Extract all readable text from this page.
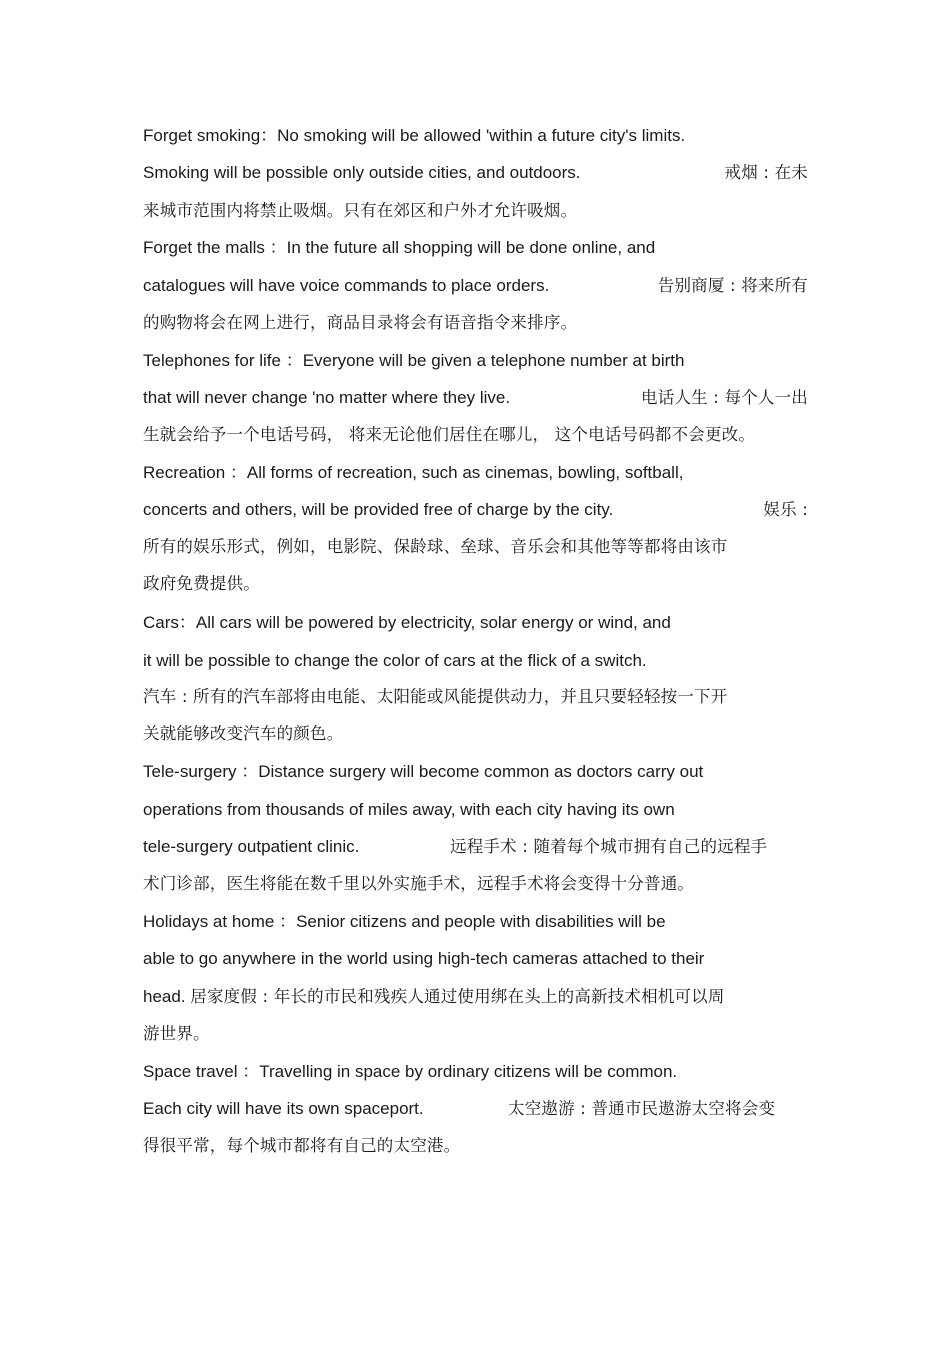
Forget smoking：No smoking will be allowed 'within a future city's limits.
Smoking will be possible only outside cities, and outdoors.	戒烟 : 在未
来城市范围内将禁止吸烟。只有在郊区和户外才允许吸烟。
Forget the malls ：In the future all shopping will be done online, and
catalogues will have voice commands to place orders.	告别商厦 : 将来所有
的购物将会在网上进行，商品目录将会有语音指令来排序。
Telephones for life ：Everyone will be given a telephone number at birth
that will never change 'no matter where they live.	电话人生 : 每个人一出
生就会给予一个电话号码， 将来无论他们居住在哪儿， 这个电话号码都不会更改。
Recreation ：All forms of recreation, such as cinemas, bowling, softball,
concerts and others, will be provided free of charge by the city.	娱乐 :
所有的娱乐形式，例如，电影院、保龄球、垒球、音乐会和其他等等都将由该市
政府免费提供。
Cars：All cars will be powered by electricity, solar energy or wind, and
it will be possible to change the color of cars at the flick of a switch.
汽车 : 所有的汽车部将由电能、太阳能或风能提供动力，并且只要轻轻按一下开
关就能够改变汽车的颜色。
Tele-surgery ：Distance surgery will become common as doctors carry out
operations from thousands of miles away, with each city having its own
tele-surgery outpatient clinic.	远程手术 : 随着每个城市拥有自己的远程手
术门诊部，医生将能在数千里以外实施手术，远程手术将会变得十分普通。
Holidays at home ：Senior citizens and people with disabilities will be
able to go anywhere in the world using high-tech cameras attached to their
head. 居家度假 : 年长的市民和残疾人通过使用绑在头上的高新技术相机可以周
游世界。
Space travel ：Travelling in space by ordinary citizens will be common.
Each city will have its own spaceport.	太空遨游 : 普通市民遨游太空将会变
得很平常，每个城市都将有自己的太空港。
